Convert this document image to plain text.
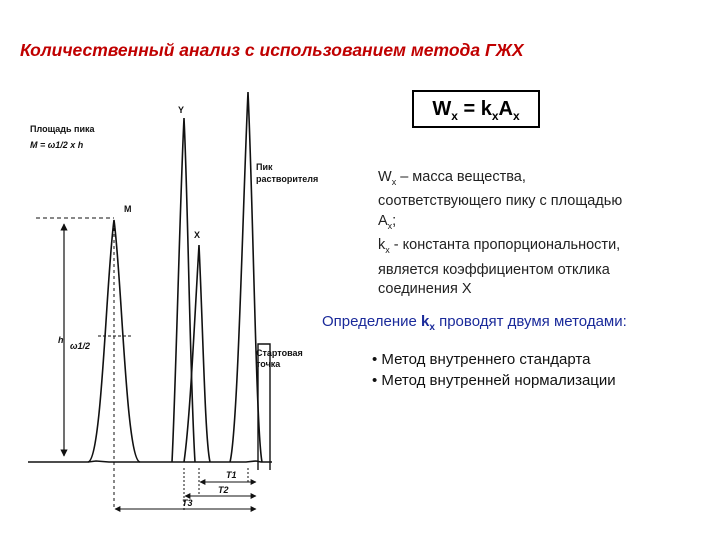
Количественный анализ с использованием метода ГЖХ
$W_x = k_xA_x$
$W_x$ – масса вещества,
соответствующего пику с площадью
$A_x$;
$k_x$ - константа пропорциональности,
является коэффициентом отклика
соединения Х
Определение $k_x$ проводят двумя методами:
• Метод внутреннего стандарта
• Метод внутренней нормализации
Площадь пика
M = ω1/2 x h
h
ω1/2
M
X
Y
Пик
растворителя
Стартовая
точка
T1
T2
T3
